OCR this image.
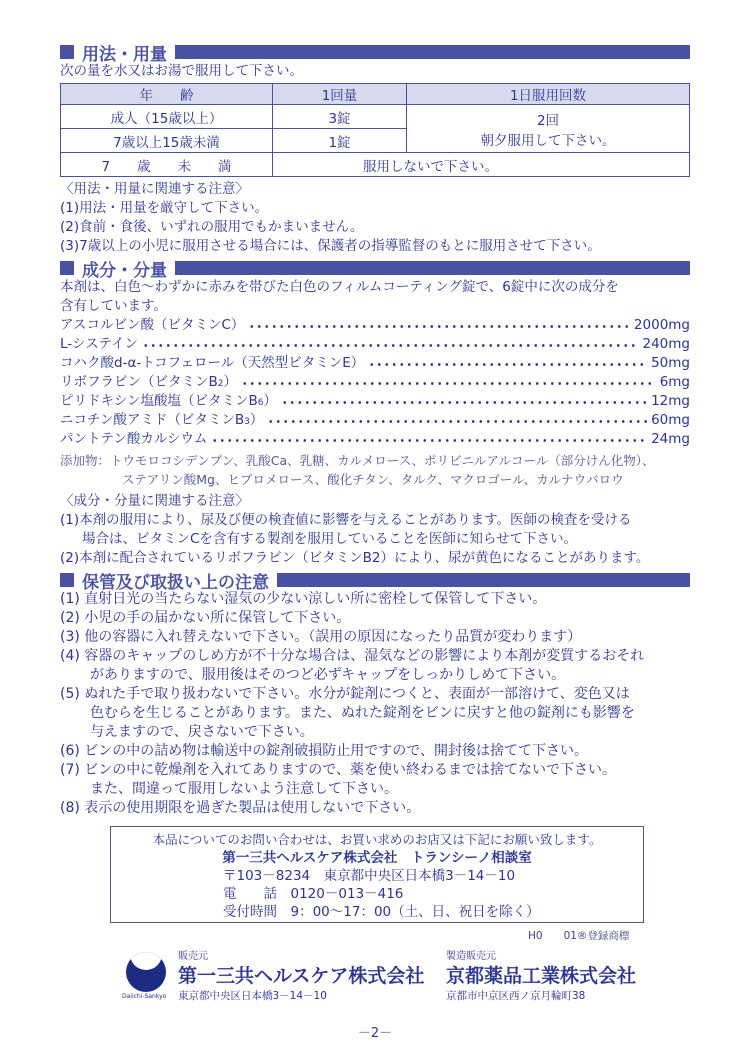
用法・用量
次の量を水又はお湯で服用して下さい。
年　　齢	1回量	1日服用回数
成人（15歳以上）	3錠	2回
朝夕服用して下さい。

7歳以上15歳未満	1錠	
7　　歳　　未　　満	服用しないで下さい。	
〈用法・用量に関連する注意〉
(1)用法・用量を厳守して下さい。
(2)食前・食後、いずれの服用でもかまいません。
(3)7歳以上の小児に服用させる場合には、保護者の指導監督のもとに服用させて下さい。
成分・分量
本剤は、白色～わずかに赤みを帯びた白色のフィルムコーティング錠で、6錠中に次の成分を
含有しています。
アスコルビン酸（ビタミンC）	2000mg
L-システイン	240mg
コハク酸d-α-トコフェロール（天然型ビタミンE）	50mg
リボフラビン（ビタミンB2）	6mg
ピリドキシン塩酸塩（ビタミンB6）	12mg
ニコチン酸アミド（ビタミンB3）	60mg
パントテン酸カルシウム	24mg
添加物：トウモロコシデンプン、乳酸Ca、乳糖、カルメロース、ポリビニルアルコール（部分けん化物）、
ステアリン酸Mg、ヒプロメロース、酸化チタン、タルク、マクロゴール、カルナウバロウ
〈成分・分量に関連する注意〉
(1)本剤の服用により、尿及び便の検査値に影響を与えることがあります。医師の検査を受ける
場合は、ビタミンCを含有する製剤を服用していることを医師に知らせて下さい。
(2)本剤に配合されているリボフラビン（ビタミンB2）により、尿が黄色になることがあります。
保管及び取扱い上の注意
(1) 直射日光の当たらない湿気の少ない涼しい所に密栓して保管して下さい。
(2) 小児の手の届かない所に保管して下さい。
(3) 他の容器に入れ替えないで下さい。（誤用の原因になったり品質が変わります）
(4) 容器のキャップのしめ方が不十分な場合は、湿気などの影響により本剤が変質するおそれ
がありますので、服用後はそのつど必ずキャップをしっかりしめて下さい。
(5) ぬれた手で取り扱わないで下さい。水分が錠剤につくと、表面が一部溶けて、変色又は
色むらを生じることがあります。また、ぬれた錠剤をビンに戻すと他の錠剤にも影響を
与えますので、戻さないで下さい。
(6) ビンの中の詰め物は輸送中の錠剤破損防止用ですので、開封後は捨てて下さい。
(7) ビンの中に乾燥剤を入れてありますので、薬を使い終わるまでは捨てないで下さい。
また、間違って服用しないよう注意して下さい。
(8) 表示の使用期限を過ぎた製品は使用しないで下さい。
本品についてのお問い合わせは、お買い求めのお店又は下記にお願い致します。
第一三共ヘルスケア株式会社　トランシーノ相談室
〒103－8234　東京都中央区日本橋3－14－10
電　　話　0120－013－416
受付時間　9：00～17：00（土、日、祝日を除く）
H0　　01®登録商標
Daiichi-Sankyo
販売元
第一三共ヘルスケア株式会社
東京都中央区日本橋3－14－10
製造販売元
京都薬品工業株式会社
京都市中京区西ノ京月輪町38
－2－
